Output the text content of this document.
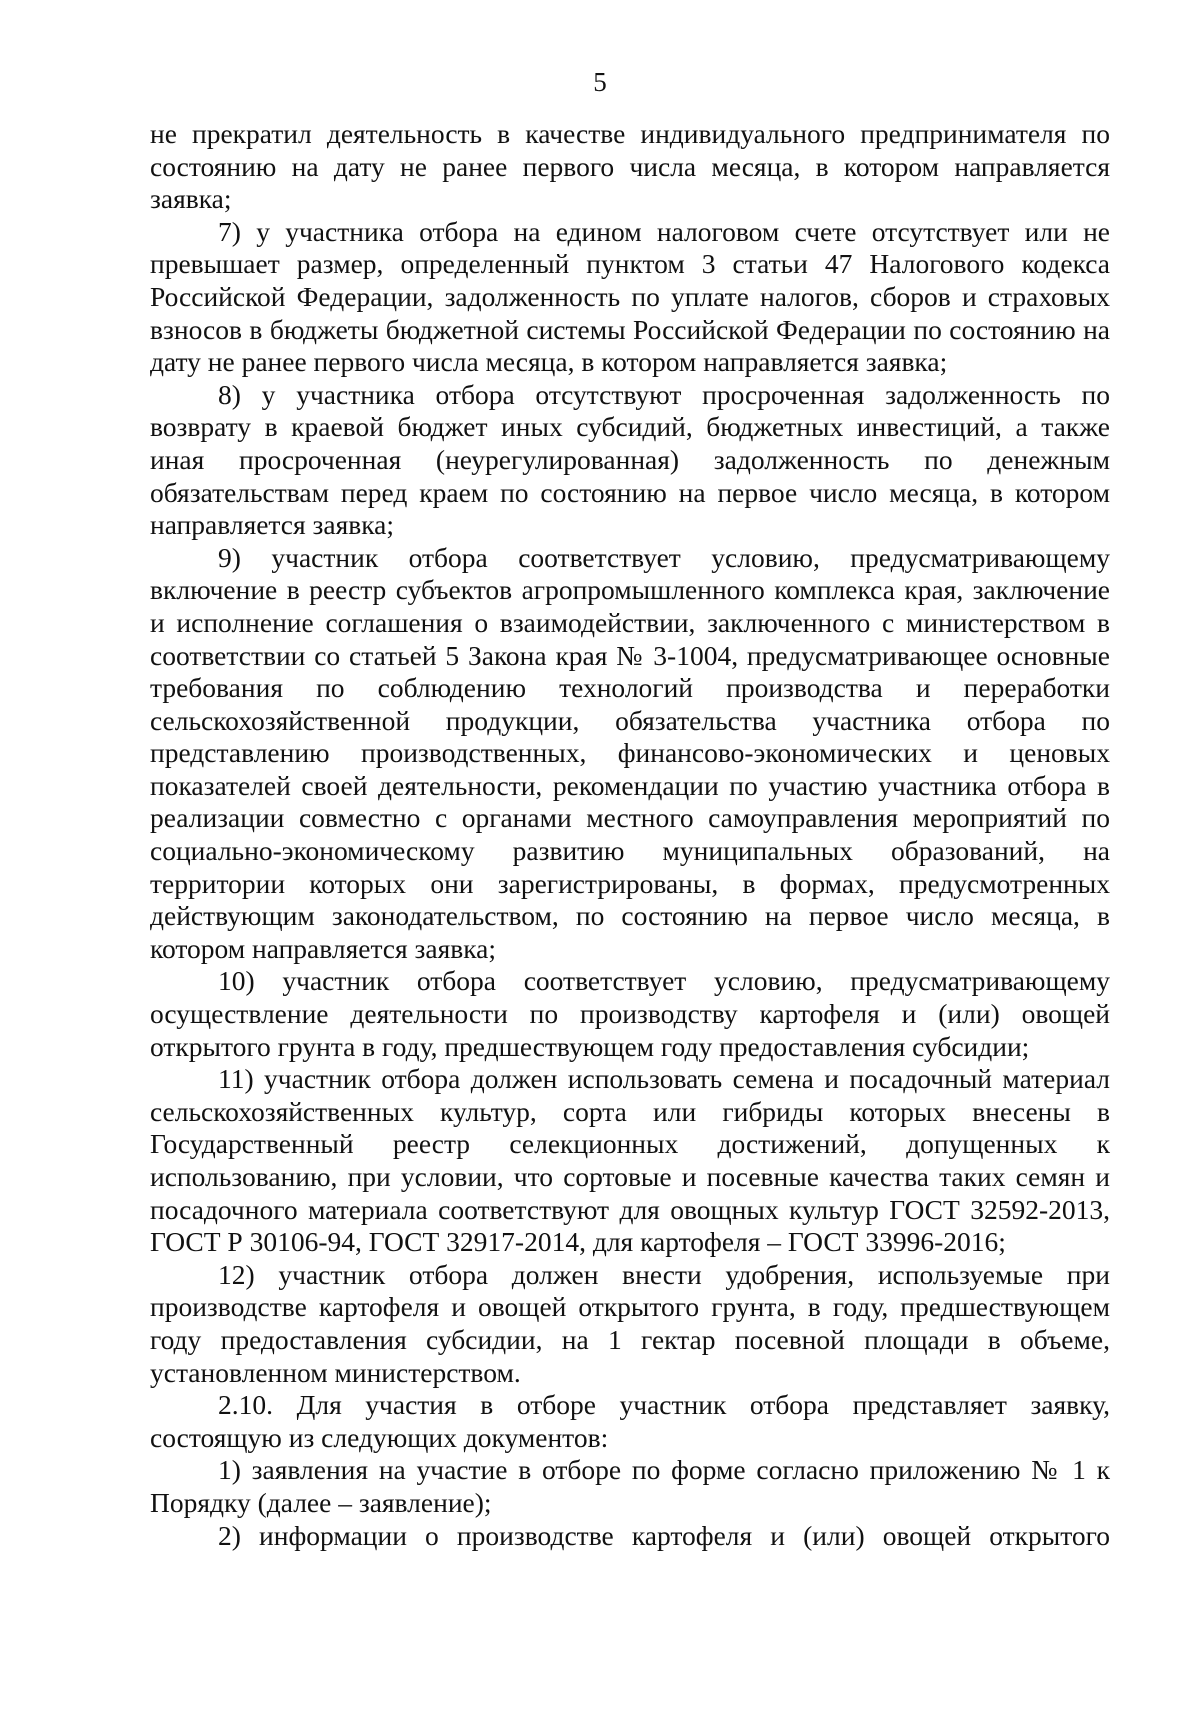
5

не прекратил деятельность в качестве индивидуального предпринимателя по состоянию на дату не ранее первого числа месяца, в котором направляется заявка;

7) у участника отбора на едином налоговом счете отсутствует или не превышает размер, определенный пунктом 3 статьи 47 Налогового кодекса Российской Федерации, задолженность по уплате налогов, сборов и страховых взносов в бюджеты бюджетной системы Российской Федерации по состоянию на дату не ранее первого числа месяца, в котором направляется заявка;

8) у участника отбора отсутствуют просроченная задолженность по возврату в краевой бюджет иных субсидий, бюджетных инвестиций, а также иная просроченная (неурегулированная) задолженность по денежным обязательствам перед краем по состоянию на первое число месяца, в котором направляется заявка;

9) участник отбора соответствует условию, предусматривающему включение в реестр субъектов агропромышленного комплекса края, заключение и исполнение соглашения о взаимодействии, заключенного с министерством в соответствии со статьей 5 Закона края № 3-1004, предусматривающее основные требования по соблюдению технологий производства и переработки сельскохозяйственной продукции, обязательства участника отбора по представлению производственных, финансово-экономических и ценовых показателей своей деятельности, рекомендации по участию участника отбора в реализации совместно с органами местного самоуправления мероприятий по социально-экономическому развитию муниципальных образований, на территории которых они зарегистрированы, в формах, предусмотренных действующим законодательством, по состоянию на первое число месяца, в котором направляется заявка;

10) участник отбора соответствует условию, предусматривающему осуществление деятельности по производству картофеля и (или) овощей открытого грунта в году, предшествующем году предоставления субсидии;

11) участник отбора должен использовать семена и посадочный материал сельскохозяйственных культур, сорта или гибриды которых внесены в Государственный реестр селекционных достижений, допущенных к использованию, при условии, что сортовые и посевные качества таких семян и посадочного материала соответствуют для овощных культур ГОСТ 32592-2013, ГОСТ Р 30106-94, ГОСТ 32917-2014, для картофеля – ГОСТ 33996-2016;

12) участник отбора должен внести удобрения, используемые при производстве картофеля и овощей открытого грунта, в году, предшествующем году предоставления субсидии, на 1 гектар посевной площади в объеме, установленном министерством.

2.10. Для участия в отборе участник отбора представляет заявку, состоящую из следующих документов:

1) заявления на участие в отборе по форме согласно приложению № 1 к Порядку (далее – заявление);

2) информации о производстве картофеля и (или) овощей открытого
